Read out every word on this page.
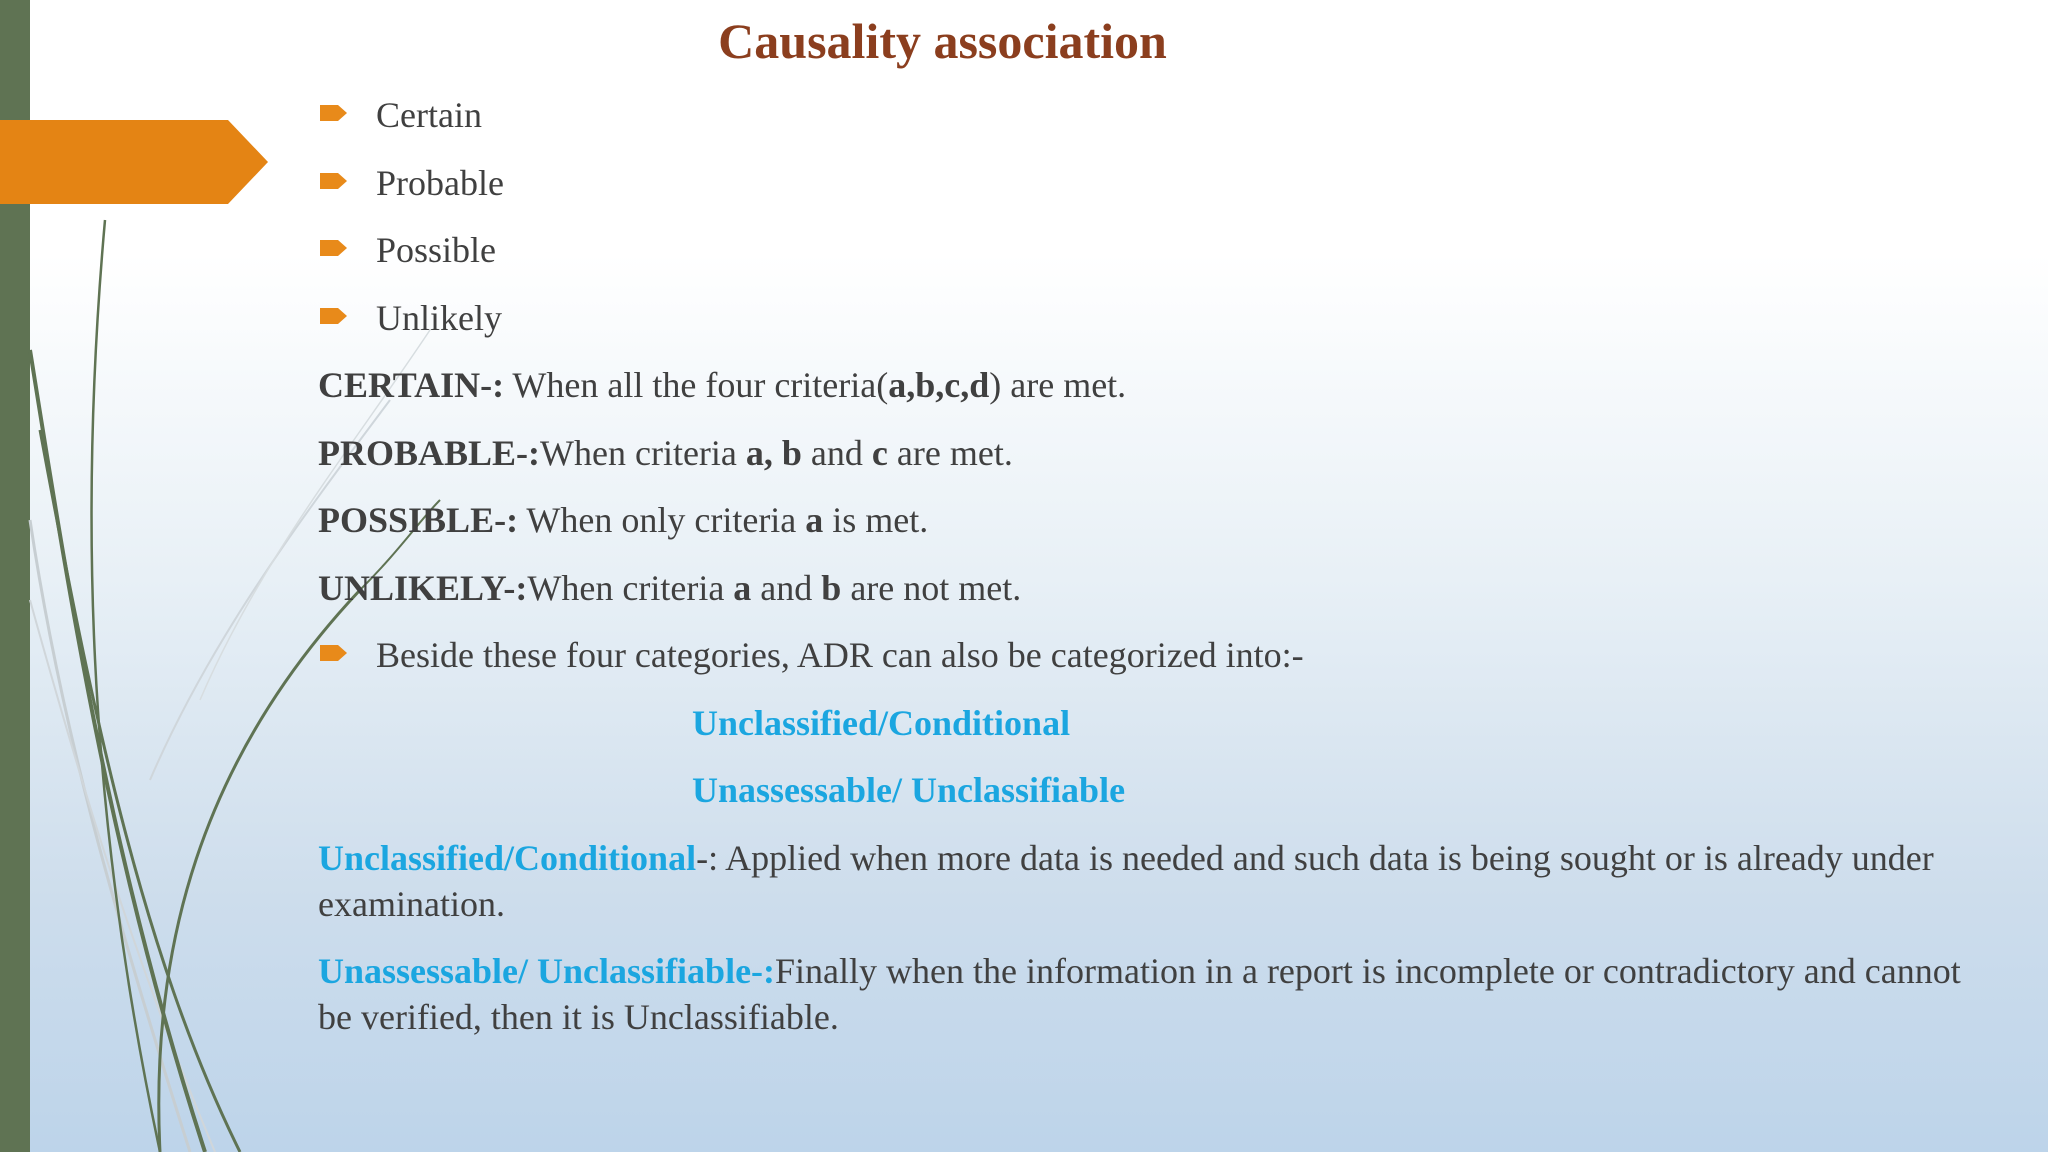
Causality association
Certain
Probable
Possible
Unlikely
CERTAIN-: When all the four criteria(a,b,c,d) are met.
PROBABLE-:When criteria a, b and c are met.
POSSIBLE-: When only criteria a is met.
UNLIKELY-:When criteria a and b are not met.
Beside these four categories, ADR can also be categorized into:-
Unclassified/Conditional
Unassessable/ Unclassifiable
Unclassified/Conditional-: Applied when more data is needed and such data is being sought or is already under examination.
Unassessable/ Unclassifiable-:Finally when the information in a report is incomplete or contradictory and cannot be verified, then it is Unclassifiable.
